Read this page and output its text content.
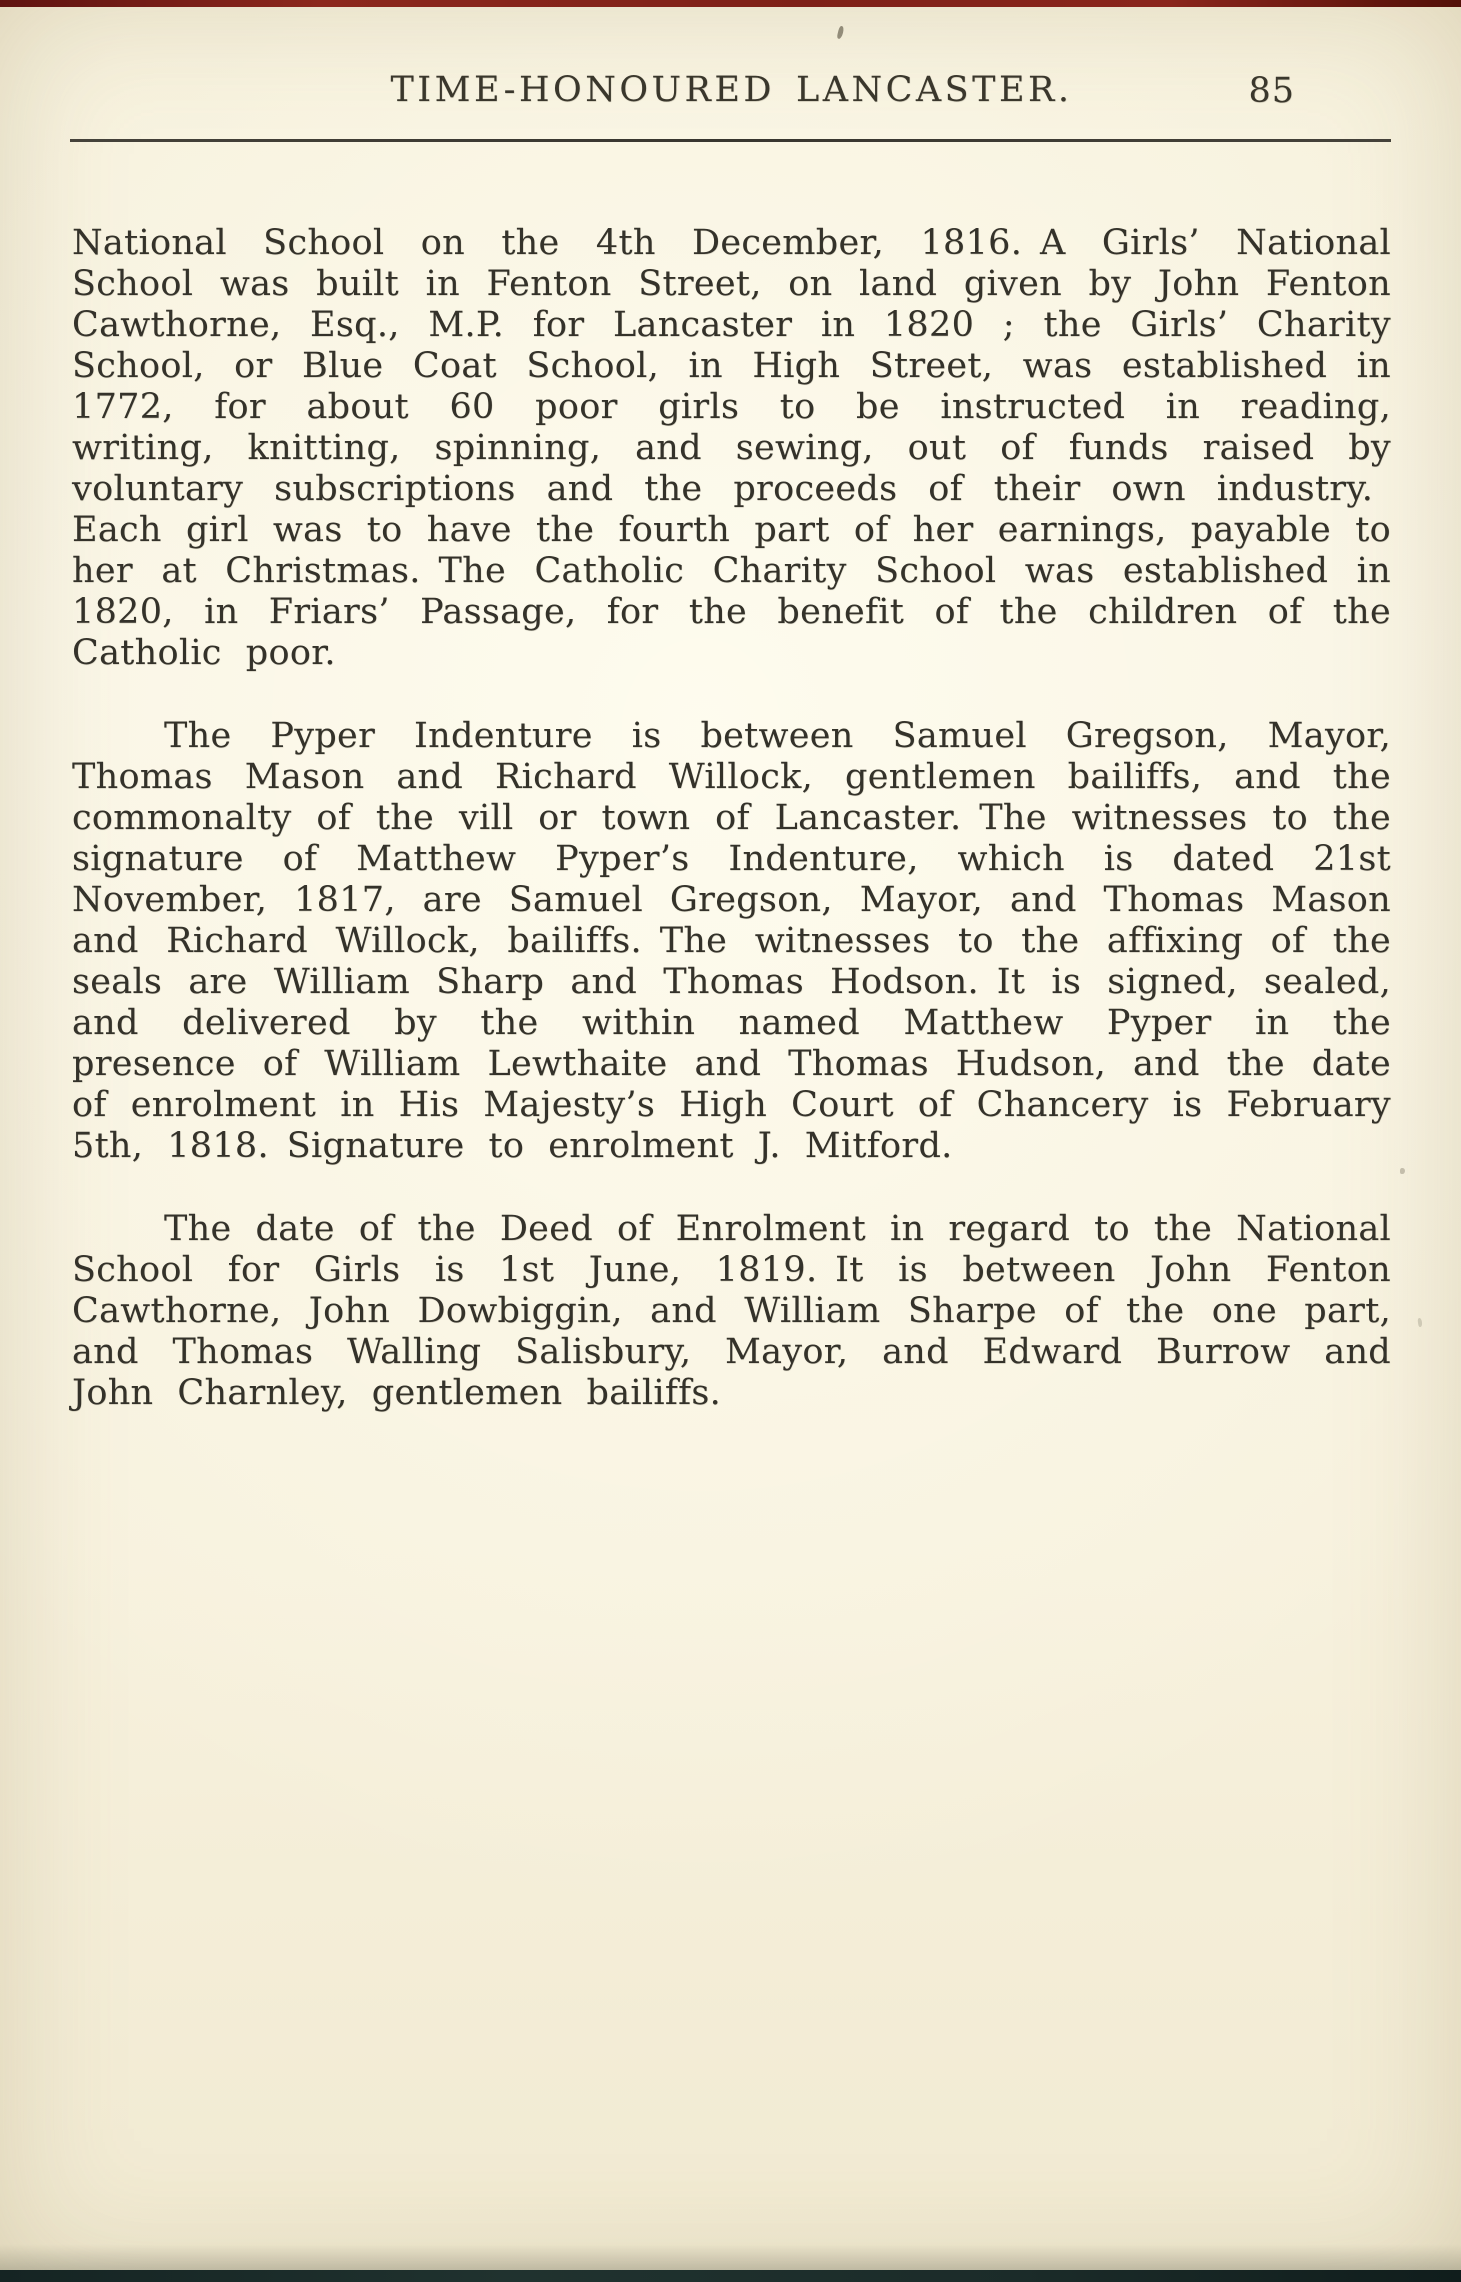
TIME-HONOURED LANCASTER.	85

National School on the 4th December, 1816. A Girls’ National School was built in Fenton Street, on land given by John Fenton Cawthorne, Esq., M.P. for Lancaster in 1820 ; the Girls’ Charity School, or Blue Coat School, in High Street, was established in 1772, for about 60 poor girls to be instructed in reading, writing, knitting, spinning, and sewing, out of funds raised by voluntary subscriptions and the proceeds of their own industry. Each girl was to have the fourth part of her earnings, payable to her at Christmas. The Catholic Charity School was established in 1820, in Friars’ Passage, for the benefit of the children of the Catholic poor.

The Pyper Indenture is between Samuel Gregson, Mayor, Thomas Mason and Richard Willock, gentlemen bailiffs, and the commonalty of the vill or town of Lancaster. The witnesses to the signature of Matthew Pyper’s Indenture, which is dated 21st November, 1817, are Samuel Gregson, Mayor, and Thomas Mason and Richard Willock, bailiffs. The witnesses to the affixing of the seals are William Sharp and Thomas Hodson. It is signed, sealed, and delivered by the within named Matthew Pyper in the presence of William Lewthaite and Thomas Hudson, and the date of enrolment in His Majesty’s High Court of Chancery is February 5th, 1818. Signature to enrolment J. Mitford.

The date of the Deed of Enrolment in regard to the National School for Girls is 1st June, 1819. It is between John Fenton Cawthorne, John Dowbiggin, and William Sharpe of the one part, and Thomas Walling Salisbury, Mayor, and Edward Burrow and John Charnley, gentlemen bailiffs.
